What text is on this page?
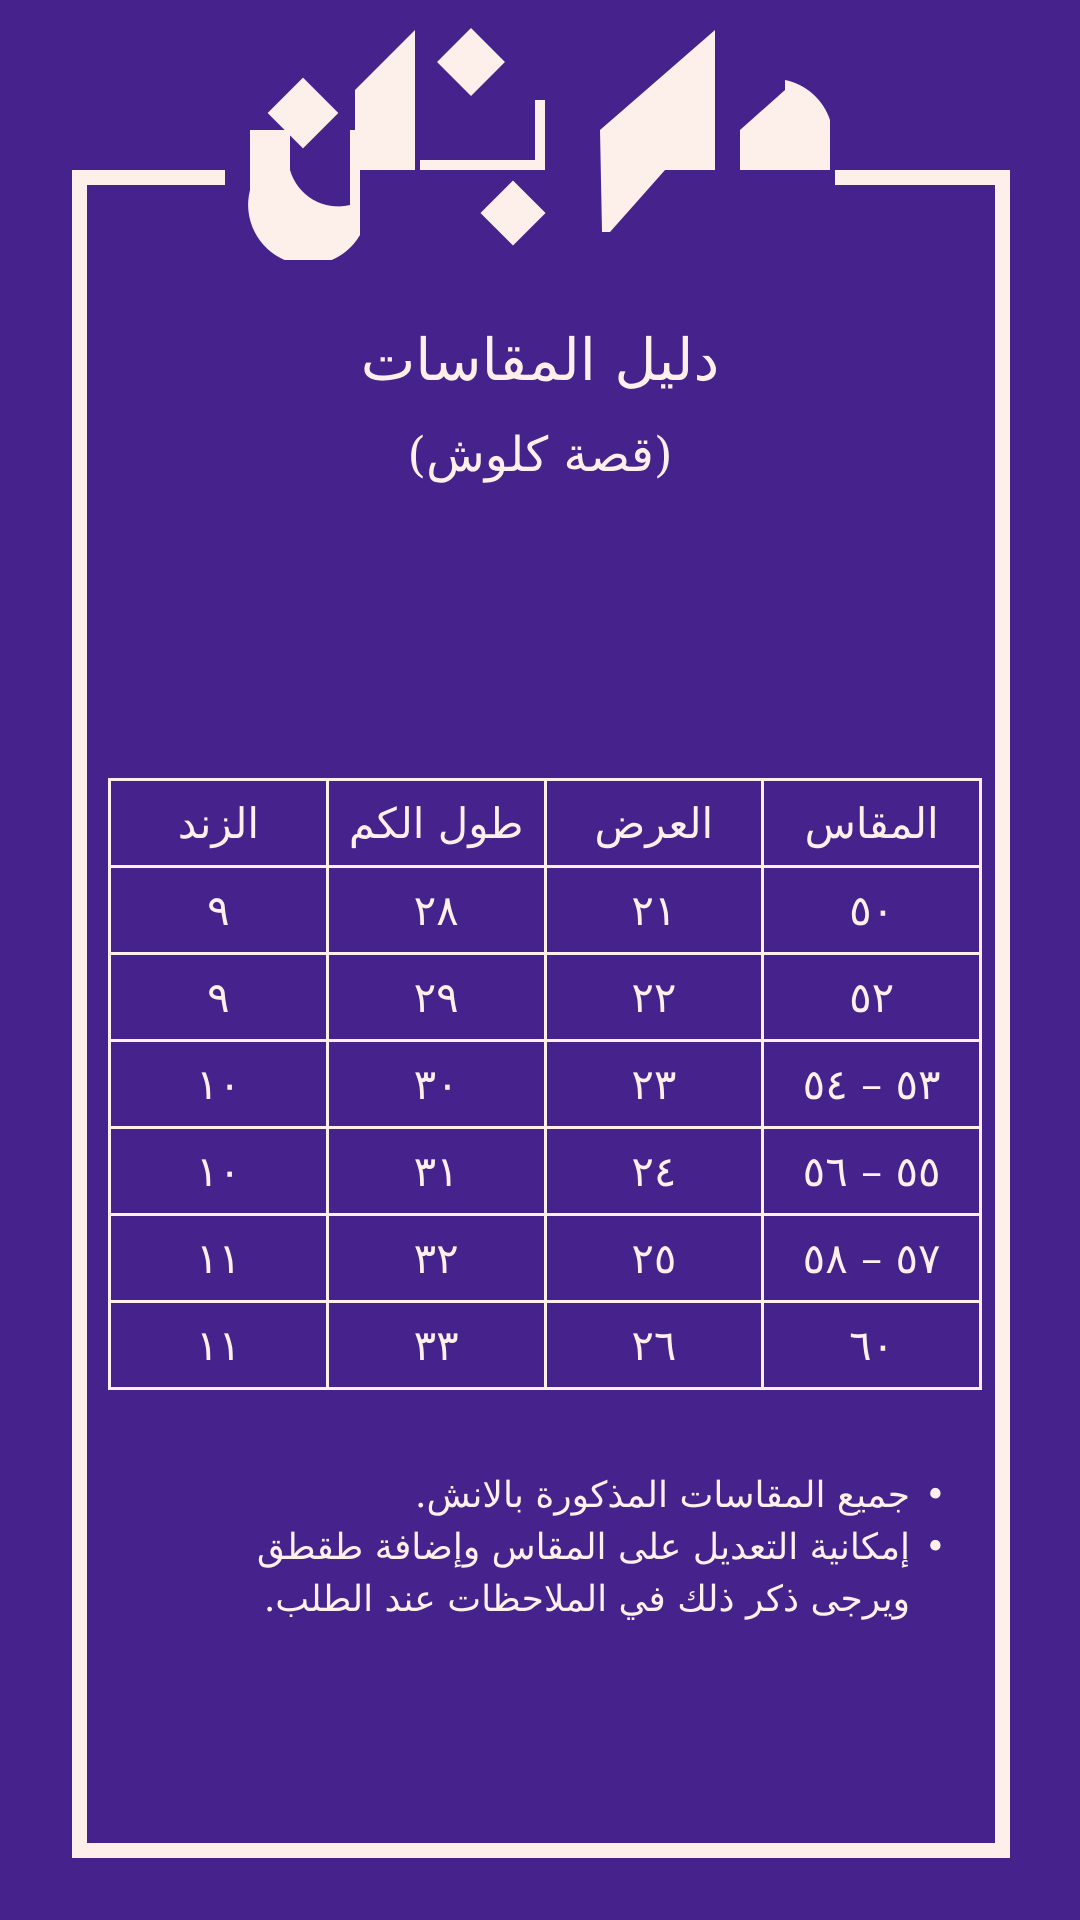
دليل المقاسات
(قصة كلوش)
المقاس	العرض	طول الكم	الزند
٥٠	٢١	٢٨	٩
٥٢	٢٢	٢٩	٩
٥٣ – ٥٤	٢٣	٣٠	١٠
٥٥ – ٥٦	٢٤	٣١	١٠
٥٧ – ٥٨	٢٥	٣٢	١١
٦٠	٢٦	٣٣	١١
•
جميع المقاسات المذكورة بالانش.
•
إمكانية التعديل على المقاس وإضافة طقطق ويرجى ذكر ذلك في الملاحظات عند الطلب.
